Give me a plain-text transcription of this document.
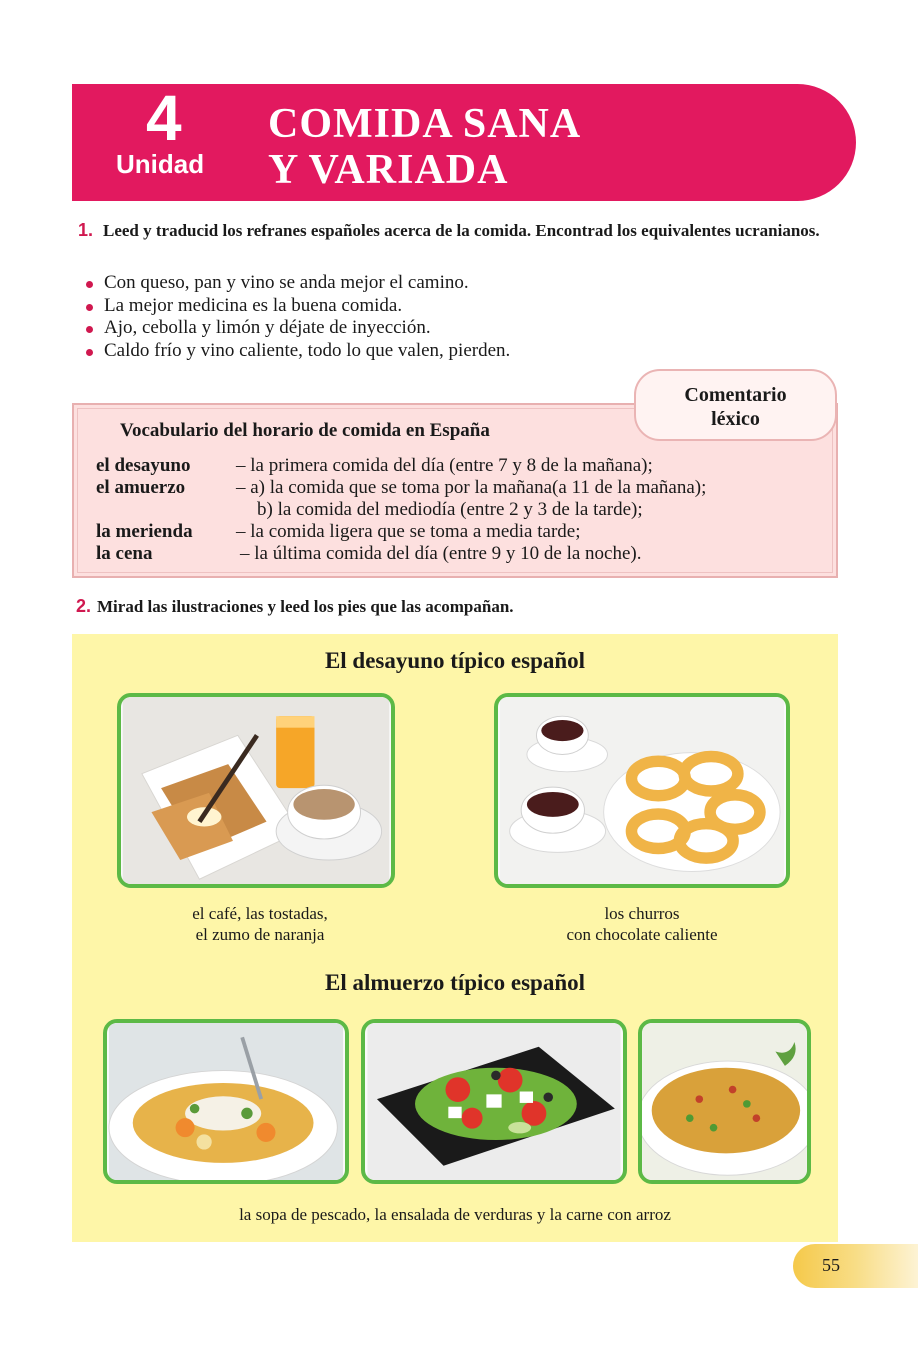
4
Unidad
COMIDA SANA
Y VARIADA
1. Leed y traducid los refranes españoles acerca de la comida. Encontrad los equivalentes ucranianos.
Con queso, pan y vino se anda mejor el camino.
La mejor medicina es la buena comida.
Ajo, cebolla y limón y déjate de inyección.
Caldo frío y vino caliente, todo lo que valen, pierden.
Comentario
léxico
Vocabulario del horario de comida en España
el desayuno – la primera comida del día (entre 7 y 8 de la mañana);
el amuerzo	– a) la comida que se toma por la mañana(a 11 de la mañana);
b) la comida del mediodía (entre 2 y 3 de la tarde);
la merienda – la comida ligera que se toma a media tarde;
la cena	– la última comida del día (entre 9 y 10 de la noche).
2. Mirad las ilustraciones y leed los pies que las acompañan.
El desayuno típico español
el café, las tostadas,
el zumo de naranja
los churros
con chocolate caliente
El almuerzo típico español
la sopa de pescado, la ensalada de verduras y la carne con arroz
55
